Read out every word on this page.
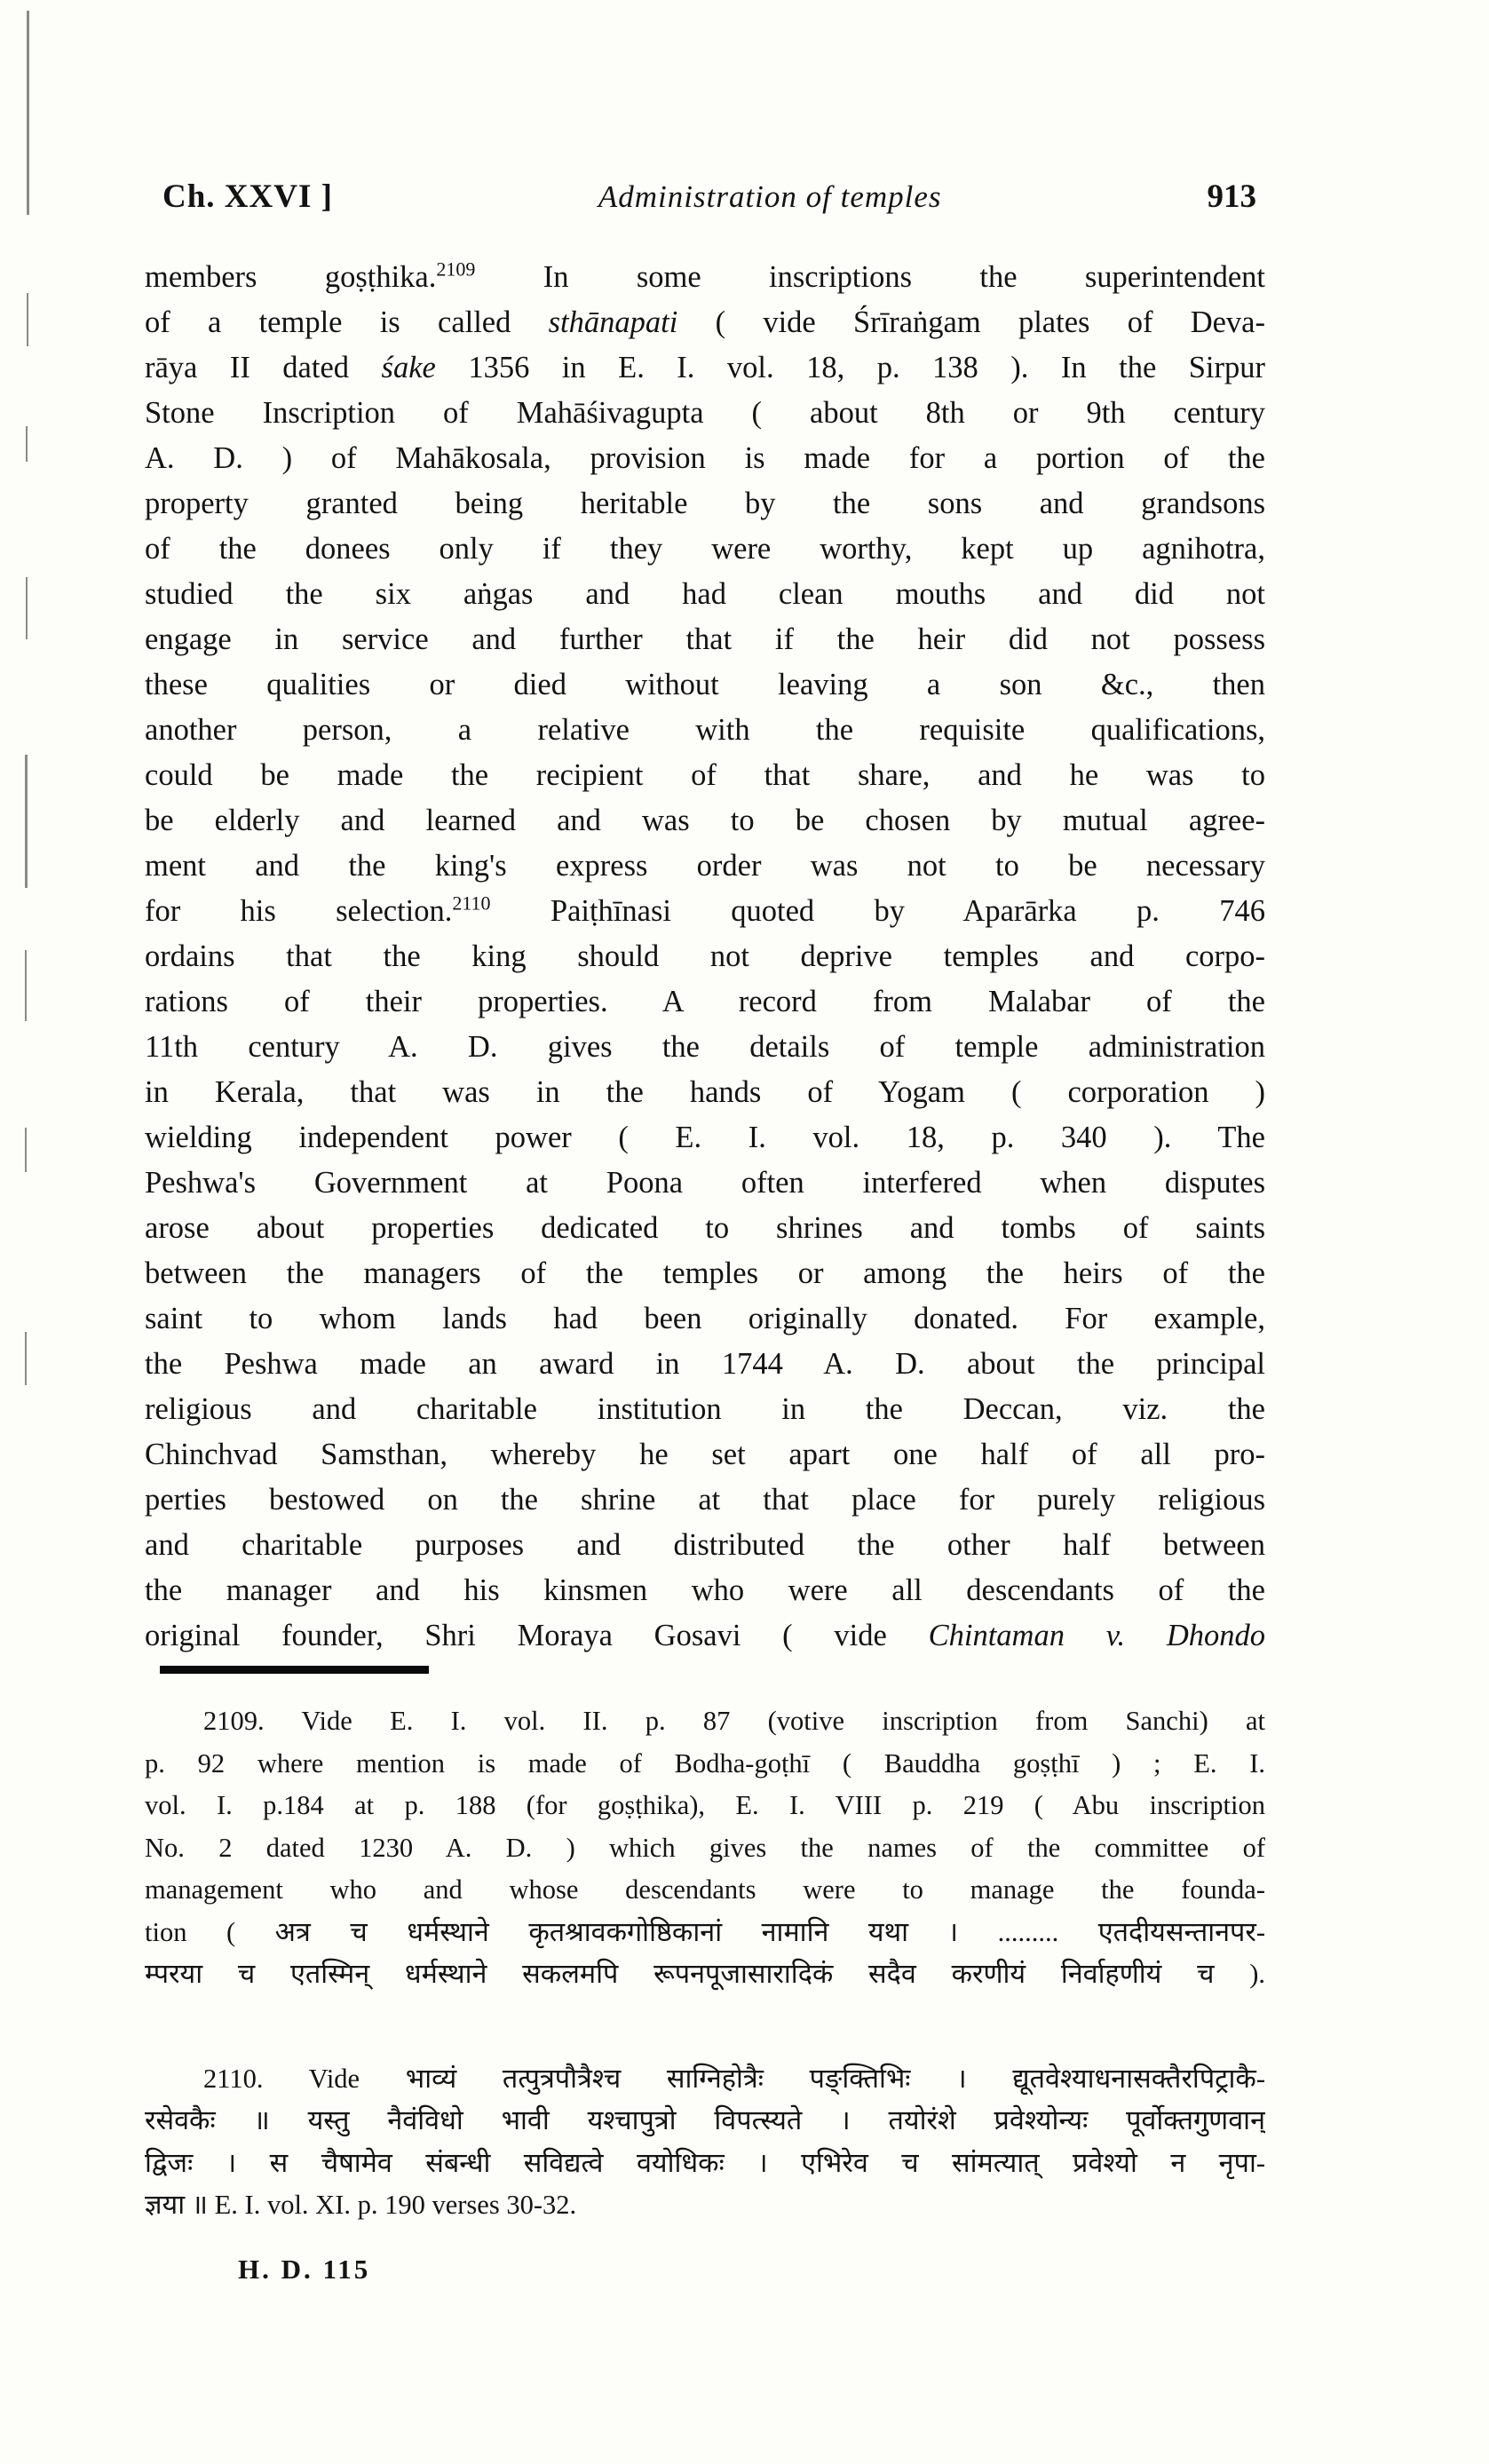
Ch. XXVI ]	Administration of temples	913
members goṣṭhika.$^{2109}$ In some inscriptions the superintendent
of a temple is called sthānapati ( vide Śrīraṅgam plates of Deva-
rāya II dated śake 1356 in E. I. vol. 18, p. 138 ). In the Sirpur
Stone Inscription of Mahāśivagupta ( about 8th or 9th century
A. D. ) of Mahākosala, provision is made for a portion of the
property granted being heritable by the sons and grandsons
of the donees only if they were worthy, kept up agnihotra,
studied the six aṅgas and had clean mouths and did not
engage in service and further that if the heir did not possess
these qualities or died without leaving a son &c., then
another person, a relative with the requisite qualifications,
could be made the recipient of that share, and he was to
be elderly and learned and was to be chosen by mutual agree-
ment and the king's express order was not to be necessary
for his selection.$^{2110}$ Paiṭhīnasi quoted by Aparārka p. 746
ordains that the king should not deprive temples and corpo-
rations of their properties. A record from Malabar of the
11th century A. D. gives the details of temple administration
in Kerala, that was in the hands of Yogam ( corporation )
wielding independent power ( E. I. vol. 18, p. 340 ). The
Peshwa's Government at Poona often interfered when disputes
arose about properties dedicated to shrines and tombs of saints
between the managers of the temples or among the heirs of the
saint to whom lands had been originally donated. For example,
the Peshwa made an award in 1744 A. D. about the principal
religious and charitable institution in the Deccan, viz. the
Chinchvad Samsthan, whereby he set apart one half of all pro-
perties bestowed on the shrine at that place for purely religious
and charitable purposes and distributed the other half between
the manager and his kinsmen who were all descendants of the
original founder, Shri Moraya Gosavi ( vide Chintaman v. Dhondo
2109. Vide E. I. vol. II. p. 87 (votive inscription from Sanchi) at
p. 92 where mention is made of Bodha-goṭhī ( Bauddha goṣṭhī ) ; E. I.
vol. I. p.184 at p. 188 (for goṣṭhika), E. I. VIII p. 219 ( Abu inscription
No. 2 dated 1230 A. D. ) which gives the names of the committee of
management who and whose descendants were to manage the founda-
tion ( अत्र च धर्मस्थाने कृतश्रावकगोष्ठिकानां नामानि यथा । ......... एतदीयसन्तानपर-
म्परया च एतस्मिन् धर्मस्थाने सकलमपि रूपनपूजासारादिकं सदैव करणीयं निर्वाहणीयं च ).
2110. Vide भाव्यं तत्पुत्रपौत्रैश्च साग्निहोत्रैः पङ्क्तिभिः । द्यूतवेश्याधनासक्तैरपिट्राकै-
रसेवकैः ॥ यस्तु नैवंविधो भावी यश्चापुत्रो विपत्स्यते । तयोरंशे प्रवेश्योन्यः पूर्वोक्तगुणवान्
द्विजः । स चैषामेव संबन्धी सविद्यत्वे वयोधिकः । एभिरेव च सांमत्यात् प्रवेश्यो न नृपा-
ज्ञया ॥ E. I. vol. XI. p. 190 verses 30-32.
H. D. 115
